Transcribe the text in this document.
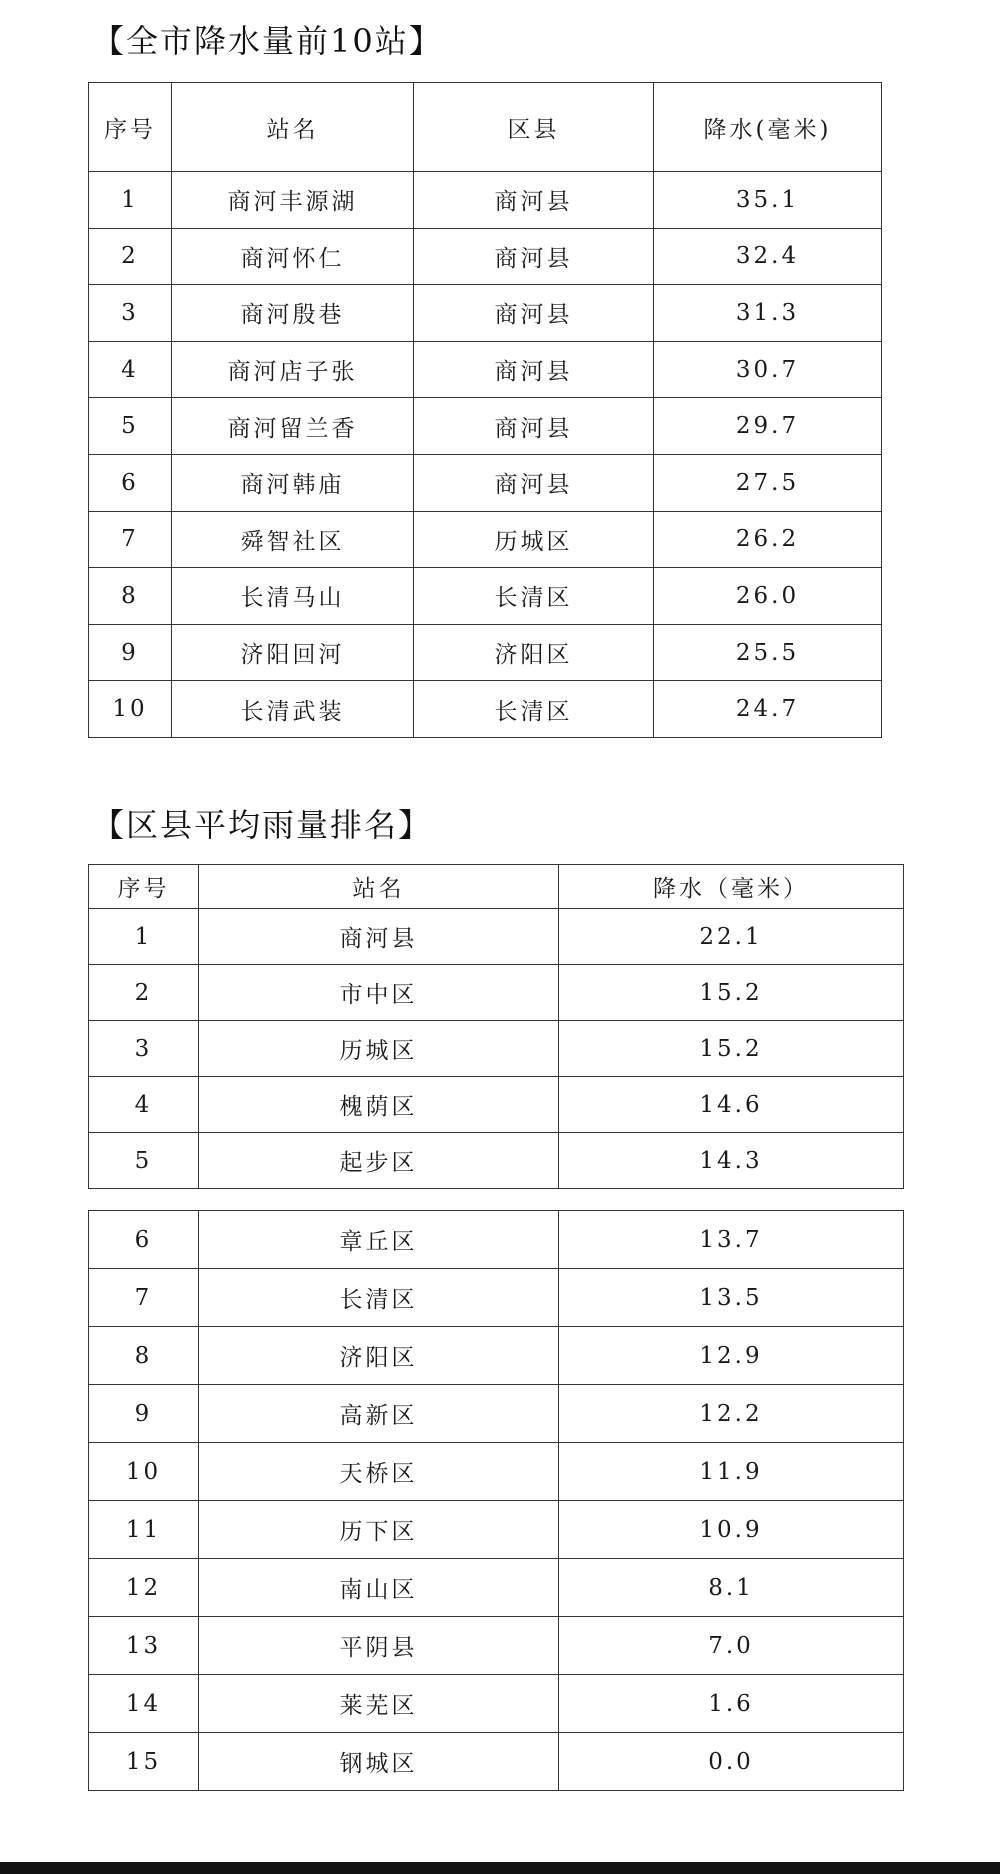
【全市降水量前10站】
序号	站名	区县	降水(毫米)
1	商河丰源湖	商河县	35.1
2	商河怀仁	商河县	32.4
3	商河殷巷	商河县	31.3
4	商河店子张	商河县	30.7
5	商河留兰香	商河县	29.7
6	商河韩庙	商河县	27.5
7	舜智社区	历城区	26.2
8	长清马山	长清区	26.0
9	济阳回河	济阳区	25.5
10	长清武装	长清区	24.7
【区县平均雨量排名】
序号	站名	降水（毫米）
1	商河县	22.1
2	市中区	15.2
3	历城区	15.2
4	槐荫区	14.6
5	起步区	14.3
6	章丘区	13.7
7	长清区	13.5
8	济阳区	12.9
9	高新区	12.2
10	天桥区	11.9
11	历下区	10.9
12	南山区	8.1
13	平阴县	7.0
14	莱芜区	1.6
15	钢城区	0.0
